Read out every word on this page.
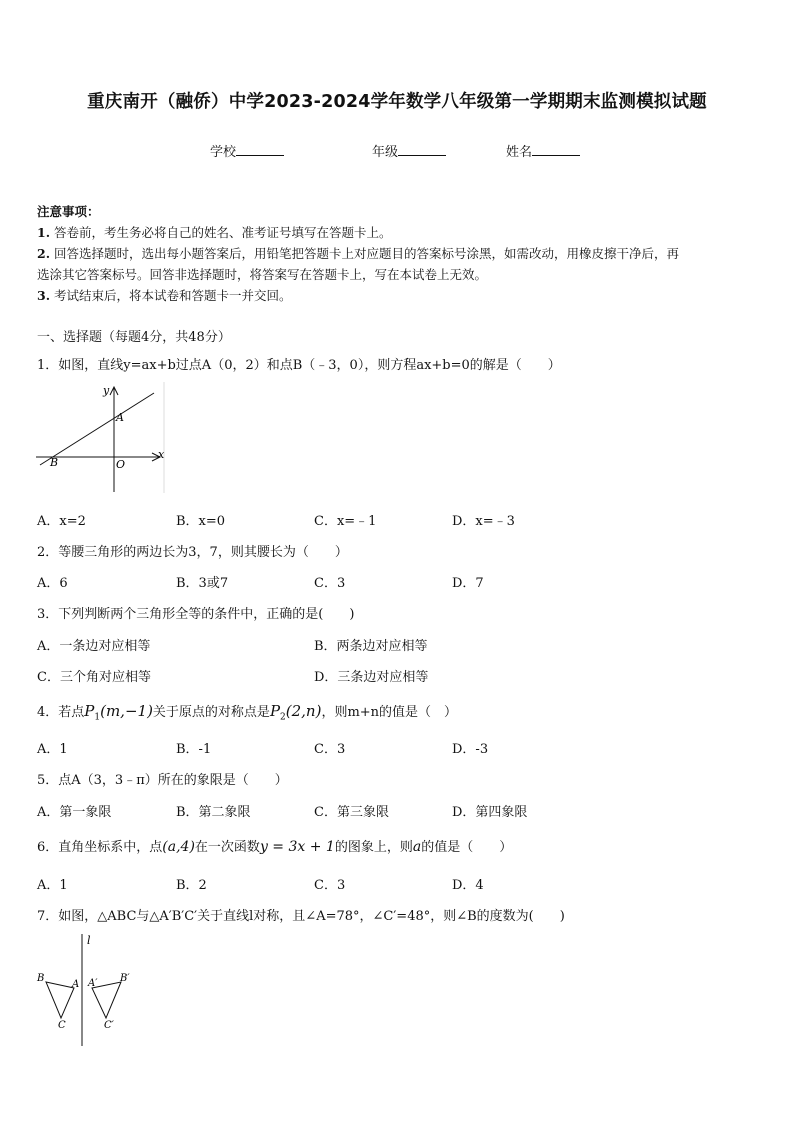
重庆南开（融侨）中学2023-2024学年数学八年级第一学期期末监测模拟试题
学校	年级	姓名
注意事项：
1. 答卷前，考生务必将自己的姓名、准考证号填写在答题卡上。
2. 回答选择题时，选出每小题答案后，用铅笔把答题卡上对应题目的答案标号涂黑，如需改动，用橡皮擦干净后，再
选涂其它答案标号。回答非选择题时，将答案写在答题卡上，写在本试卷上无效。
3. 考试结束后，将本试卷和答题卡一并交回。
一、选择题（每题4分，共48分）
1．如图，直线y=ax+b过点A（0，2）和点B（﹣3，0），则方程ax+b=0的解是（　　）
y
x
A
B	O
A．x=2	B．x=0	C．x=﹣1	D．x=﹣3
2．等腰三角形的两边长为3，7，则其腰长为（　　）
A．6	B．3或7	C．3	D．7
3．下列判断两个三角形全等的条件中，正确的是(　　)
A．一条边对应相等	B．两条边对应相等
C．三个角对应相等	D．三条边对应相等
4．若点$P_1(m,-1)$关于原点的对称点是$P_2(2,n)$，则m+n的值是（　）
A．1	B．-1	C．3	D．-3
5．点A（3，3﹣π）所在的象限是（　　）
A．第一象限	B．第二象限	C．第三象限	D．第四象限
6．直角坐标系中，点(a,4)在一次函数y = 3x + 1的图象上，则a的值是（　　）
A．1	B．2	C．3	D．4
7．如图，△ABC与△A′B′C′关于直线l对称，且∠A=78°，∠C′=48°，则∠B的度数为(　　)
l
B
A
C
A′ B′
C′
